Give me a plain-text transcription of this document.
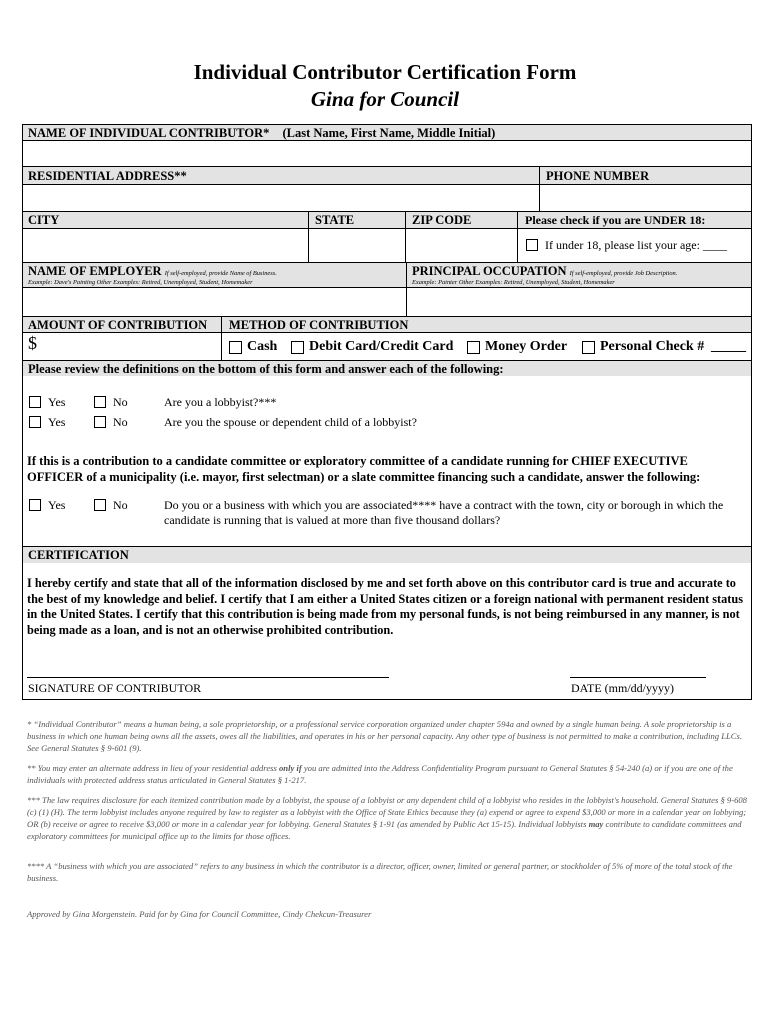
Individual Contributor Certification Form
Gina for Council
NAME OF INDIVIDUAL CONTRIBUTOR* (Last Name, First Name, Middle Initial)
RESIDENTIAL ADDRESS**	PHONE NUMBER
CITY	STATE	ZIP CODE	Please check if you are UNDER 18:
If under 18, please list your age: ____
NAME OF EMPLOYER If self-employed, provide Name of Business.
Example: Dave's Painting Other Examples: Retired, Unemployed, Student, Homemaker
PRINCIPAL OCCUPATION If self-employed, provide Job Description.
Example: Painter Other Examples: Retired, Unemployed, Student, Homemaker
AMOUNT OF CONTRIBUTION METHOD OF CONTRIBUTION
$	Cash Debit Card/Credit Card Money Order Personal Check # _____
Please review the definitions on the bottom of this form and answer each of the following:
Yes	No	Are you a lobbyist?***
Yes	No	Are you the spouse or dependent child of a lobbyist?
If this is a contribution to a candidate committee or exploratory committee of a candidate running for CHIEF EXECUTIVE OFFICER of a municipality (i.e. mayor, first selectman) or a slate committee financing such a candidate, answer the following:
Yes	No	Do you or a business with which you are associated**** have a contract with the town, city or borough in which the candidate is running that is valued at more than five thousand dollars?
CERTIFICATION
I hereby certify and state that all of the information disclosed by me and set forth above on this contributor card is true and accurate to the best of my knowledge and belief. I certify that I am either a United States citizen or a foreign national with permanent resident status in the United States. I certify that this contribution is being made from my personal funds, is not being reimbursed in any manner, is not being made as a loan, and is not an otherwise prohibited contribution.
SIGNATURE OF CONTRIBUTOR	DATE (mm/dd/yyyy)
* “Individual Contributor” means a human being, a sole proprietorship, or a professional service corporation organized under chapter 594a and owned by a single human being. A sole proprietorship is a business in which one human being owns all the assets, owes all the liabilities, and operates in his or her personal capacity. Any other type of business is not permitted to make a contribution, including LLCs. See General Statutes § 9-601 (9).
** You may enter an alternate address in lieu of your residential address only if you are admitted into the Address Confidentiality Program pursuant to General Statutes § 54-240 (a) or if you are one of the individuals with protected address status articulated in General Statutes § 1-217.
*** The law requires disclosure for each itemized contribution made by a lobbyist, the spouse of a lobbyist or any dependent child of a lobbyist who resides in the lobbyist's household. General Statutes § 9-608 (c) (1) (H). The term lobbyist includes anyone required by law to register as a lobbyist with the Office of State Ethics because they (a) expend or agree to expend $3,000 or more in a calendar year on lobbying; OR (b) receive or agree to receive $3,000 or more in a calendar year for lobbying. General Statutes § 1-91 (as amended by Public Act 15-15). Individual lobbyists may contribute to candidate committees and exploratory committees for municipal office up to the limits for those offices.
**** A “business with which you are associated” refers to any business in which the contributor is a director, officer, owner, limited or general partner, or stockholder of 5% of more of the total stock of the business.
Approved by Gina Morgenstein. Paid for by Gina for Council Committee, Cindy Chekcun-Treasurer
